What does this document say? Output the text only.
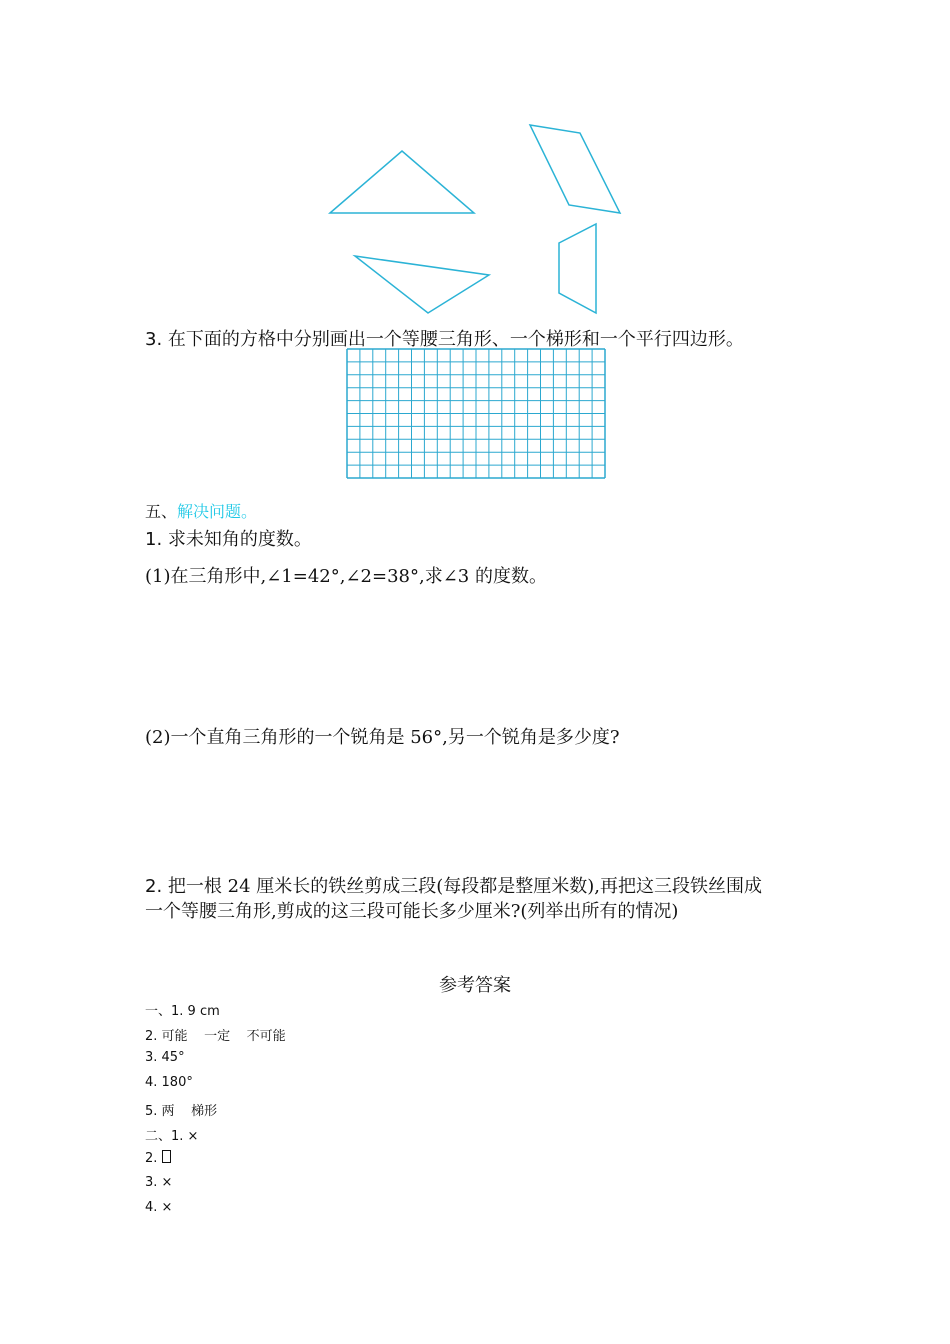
3. 在下面的方格中分别画出一个等腰三角形、一个梯形和一个平行四边形。
五、解决问题。
1. 求未知角的度数。
(1)在三角形中,∠1=42°,∠2=38°,求∠3 的度数。
(2)一个直角三角形的一个锐角是 56°,另一个锐角是多少度?
2. 把一根 24 厘米长的铁丝剪成三段(每段都是整厘米数),再把这三段铁丝围成
一个等腰三角形,剪成的这三段可能长多少厘米?(列举出所有的情况)
参考答案
一、1. 9 cm
2. 可能    一定    不可能
3. 45°
4. 180°
5. 两    梯形
二、1. ×
2.
3. ×
4. ×
